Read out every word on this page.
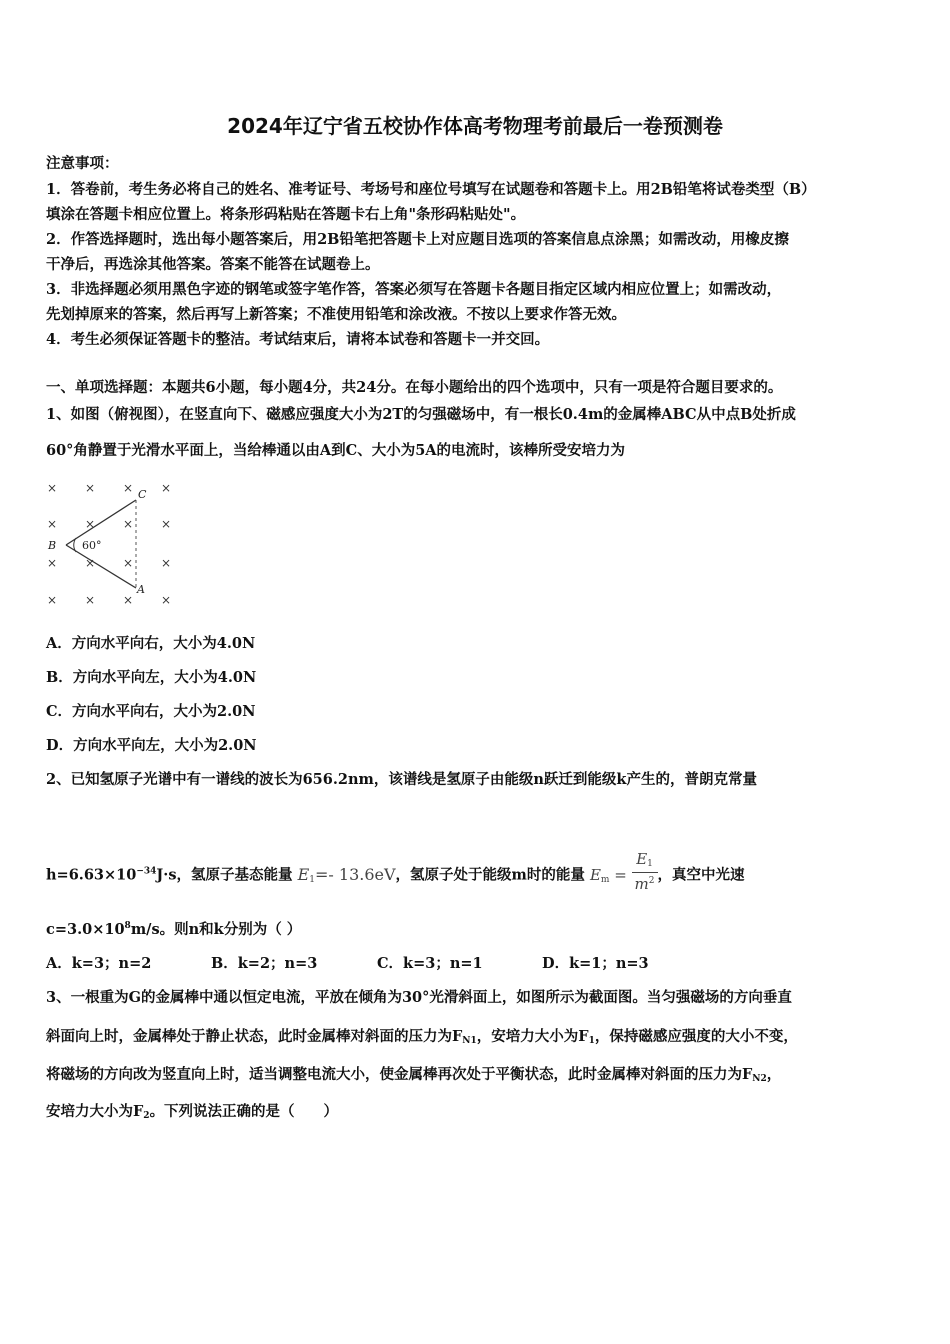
2024年辽宁省五校协作体高考物理考前最后一卷预测卷
注意事项：
1．答卷前，考生务必将自己的姓名、准考证号、考场号和座位号填写在试题卷和答题卡上。用2B铅笔将试卷类型（B）
填涂在答题卡相应位置上。将条形码粘贴在答题卡右上角"条形码粘贴处"。
2．作答选择题时，选出每小题答案后，用2B铅笔把答题卡上对应题目选项的答案信息点涂黑；如需改动，用橡皮擦
干净后，再选涂其他答案。答案不能答在试题卷上。
3．非选择题必须用黑色字迹的钢笔或签字笔作答，答案必须写在答题卡各题目指定区域内相应位置上；如需改动，
先划掉原来的答案，然后再写上新答案；不准使用铅笔和涂改液。不按以上要求作答无效。
4．考生必须保证答题卡的整洁。考试结束后，请将本试卷和答题卡一并交回。
一、单项选择题：本题共6小题，每小题4分，共24分。在每小题给出的四个选项中，只有一项是符合题目要求的。
1、如图（俯视图），在竖直向下、磁感应强度大小为2T的匀强磁场中，有一根长0.4m的金属棒ABC从中点B处折成
60°角静置于光滑水平面上，当给棒通以由A到C、大小为5A的电流时，该棒所受安培力为
× × × ×
× × × ×
× × × ×
× × × ×
C
B
A
60°
A．方向水平向右，大小为4.0N
B．方向水平向左，大小为4.0N
C．方向水平向右，大小为2.0N
D．方向水平向左，大小为2.0N
2、已知氢原子光谱中有一谱线的波长为656.2nm，该谱线是氢原子由能级n跃迁到能级k产生的，普朗克常量
$h=6.63\times 10^{-34}J\cdot s$，氢原子基态能量 $E_1=-$ 13.6eV，氢原子处于能级m时的能量 $E_m = \frac{E_1}{m^2}$ ，真空中光速
$c=3.0\times 10^8m/s$。则n和k分别为（ ）
A．k=3；n=2	B．k=2；n=3	C．k=3；n=1	D．k=1；n=3
3、一根重为G的金属棒中通以恒定电流，平放在倾角为30°光滑斜面上，如图所示为截面图。当匀强磁场的方向垂直
斜面向上时，金属棒处于静止状态，此时金属棒对斜面的压力为$F_{N1}$，安培力大小为$F_1$，保持磁感应强度的大小不变，
将磁场的方向改为竖直向上时，适当调整电流大小，使金属棒再次处于平衡状态，此时金属棒对斜面的压力为$F_{N2}$，
安培力大小为$F_2$。下列说法正确的是（　　）
